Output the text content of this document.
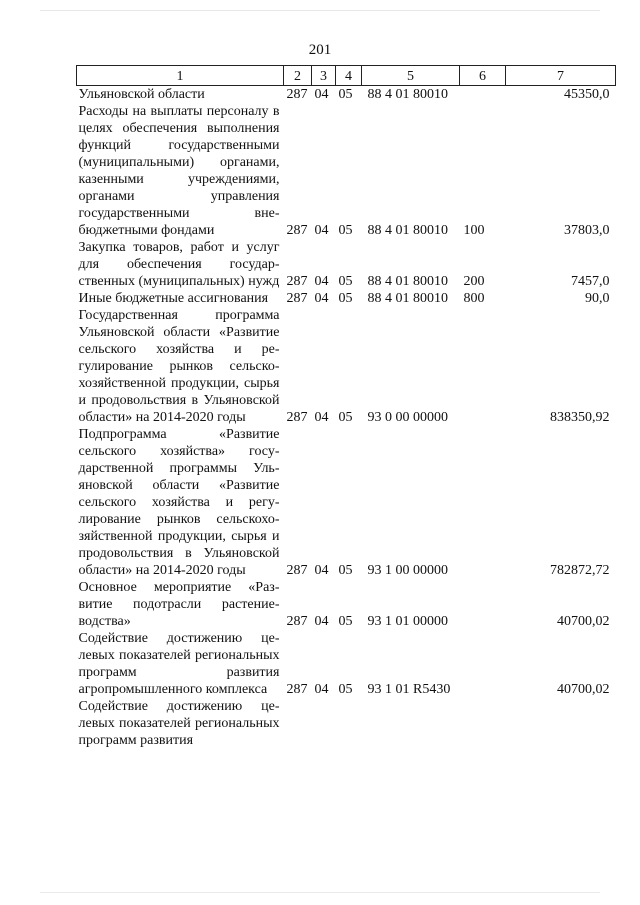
201
1	2	3	4	5	6	7
Ульяновской области	287	04	05	88 4 01 80010		45350,0
Расходы на выплаты персоналу в целях обеспечения выполнения функций государственными (муниципальными) органами, казенными учреждениями, органами управления государственными внебюджетными фондами	287	04	05	88 4 01 80010	100	37803,0
Закупка товаров, работ и услуг для обеспечения государственных (муниципальных) нужд	287	04	05	88 4 01 80010	200	7457,0
Иные бюджетные ассигнования	287	04	05	88 4 01 80010	800	90,0
Государственная программа Ульяновской области «Развитие сельского хозяйства и регулирование рынков сельскохозяйственной продукции, сырья и продовольствия в Ульяновской области» на 2014-2020 годы	287	04	05	93 0 00 00000		838350,92
Подпрограмма «Развитие сельского хозяйства» государственной программы Ульяновской области «Развитие сельского хозяйства и регулирование рынков сельскохозяйственной продукции, сырья и продовольствия в Ульяновской области» на 2014-2020 годы	287	04	05	93 1 00 00000		782872,72
Основное мероприятие «Развитие подотрасли растениеводства»	287	04	05	93 1 01 00000		40700,02
Содействие достижению целевых показателей региональных программ развития агропромышленного комплекса	287	04	05	93 1 01 R5430		40700,02
Содействие достижению целевых показателей региональных программ развития						
